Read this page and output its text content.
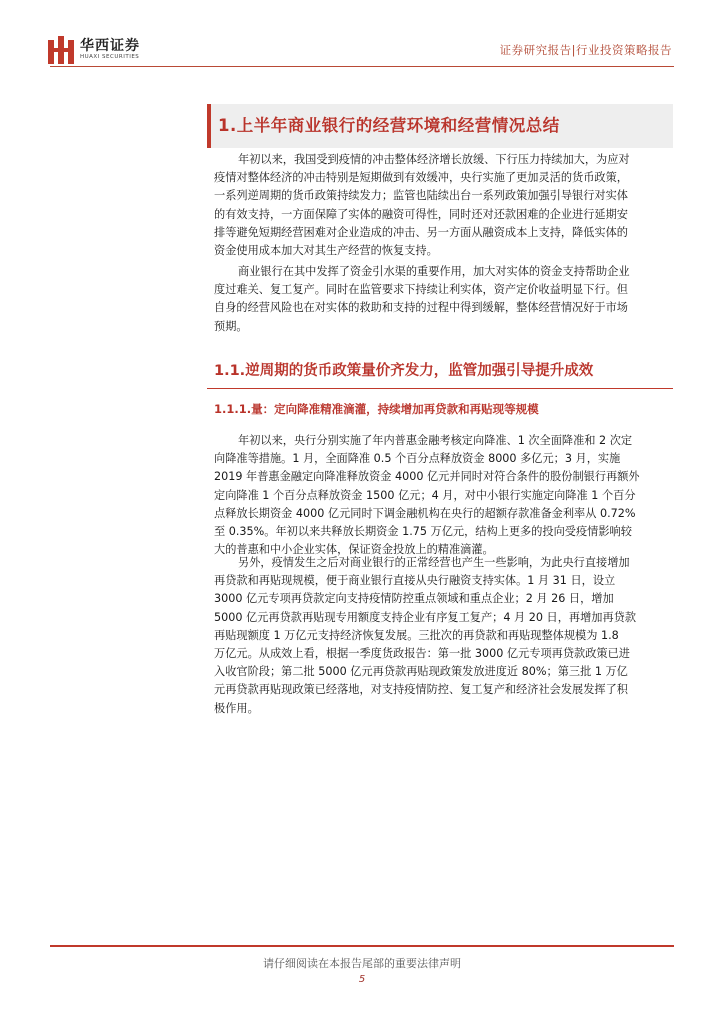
华西证券
HUAXI SECURITIES	证券研究报告|行业投资策略报告
1.上半年商业银行的经营环境和经营情况总结
年初以来，我国受到疫情的冲击整体经济增长放缓、下行压力持续加大，为应对
疫情对整体经济的冲击特别是短期做到有效缓冲，央行实施了更加灵活的货币政策，
一系列逆周期的货币政策持续发力；监管也陆续出台一系列政策加强引导银行对实体
的有效支持，一方面保障了实体的融资可得性，同时还对还款困难的企业进行延期安
排等避免短期经营困难对企业造成的冲击、另一方面从融资成本上支持，降低实体的
资金使用成本加大对其生产经营的恢复支持。
商业银行在其中发挥了资金引水渠的重要作用，加大对实体的资金支持帮助企业
度过难关、复工复产。同时在监管要求下持续让利实体，资产定价收益明显下行。但
自身的经营风险也在对实体的救助和支持的过程中得到缓解，整体经营情况好于市场
预期。
1.1.逆周期的货币政策量价齐发力，监管加强引导提升成效
1.1.1.量：定向降准精准滴灌，持续增加再贷款和再贴现等规模
年初以来，央行分别实施了年内普惠金融考核定向降准、1 次全面降准和 2 次定
向降准等措施。1 月，全面降准 0.5 个百分点释放资金 8000 多亿元；3 月，实施
2019 年普惠金融定向降准释放资金 4000 亿元并同时对符合条件的股份制银行再额外
定向降准 1 个百分点释放资金 1500 亿元；4 月，对中小银行实施定向降准 1 个百分
点释放长期资金 4000 亿元同时下调金融机构在央行的超额存款准备金利率从 0.72%
至 0.35%。年初以来共释放长期资金 1.75 万亿元，结构上更多的投向受疫情影响较
大的普惠和中小企业实体，保证资金投放上的精准滴灌。
另外，疫情发生之后对商业银行的正常经营也产生一些影响，为此央行直接增加
再贷款和再贴现规模，便于商业银行直接从央行融资支持实体。1 月 31 日，设立
3000 亿元专项再贷款定向支持疫情防控重点领域和重点企业；2 月 26 日，增加
5000 亿元再贷款再贴现专用额度支持企业有序复工复产；4 月 20 日，再增加再贷款
再贴现额度 1 万亿元支持经济恢复发展。三批次的再贷款和再贴现整体规模为 1.8
万亿元。从成效上看，根据一季度货政报告：第一批 3000 亿元专项再贷款政策已进
入收官阶段；第二批 5000 亿元再贷款再贴现政策发放进度近 80%；第三批 1 万亿
元再贷款再贴现政策已经落地，对支持疫情防控、复工复产和经济社会发展发挥了积
极作用。
请仔细阅读在本报告尾部的重要法律声明
5
